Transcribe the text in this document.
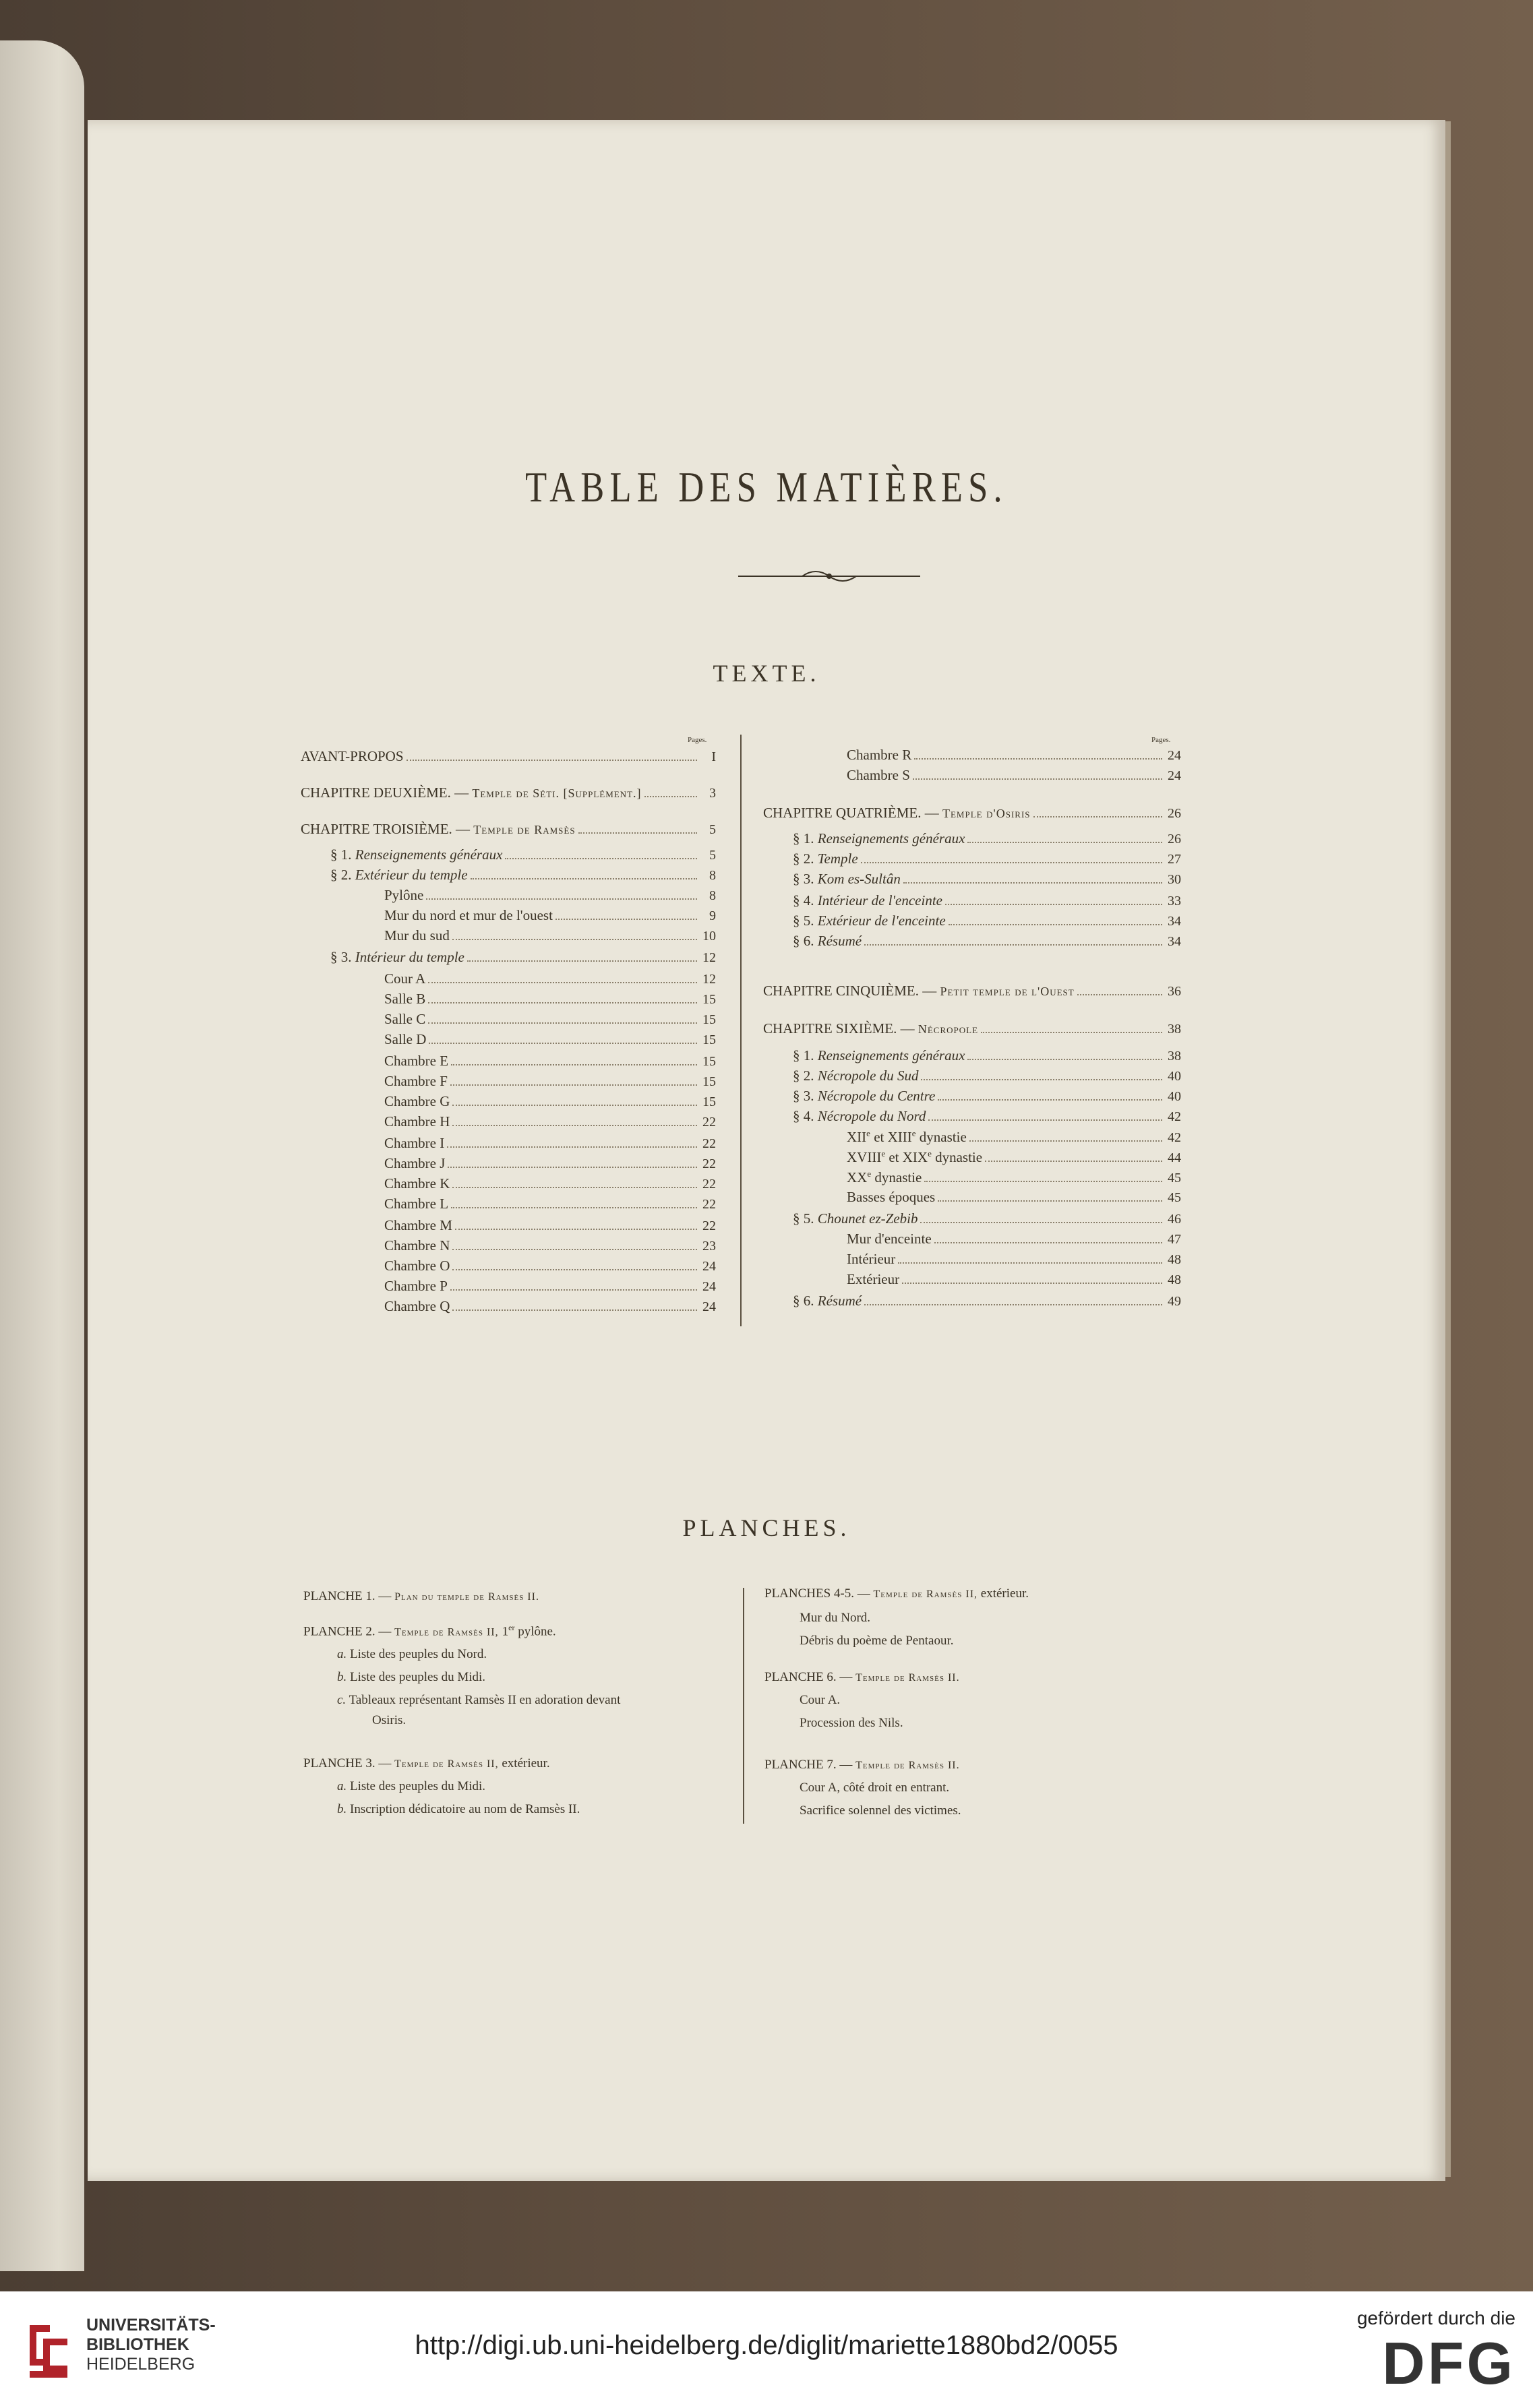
TABLE DES MATIÈRES.
TEXTE.
Pages.	Pages.
AVANT-PROPOS	I
CHAPITRE DEUXIÈME. — Temple de Séti. [Supplément.]	3
CHAPITRE TROISIÈME. — Temple de Ramsès	5
§ 1. Renseignements généraux	5
§ 2. Extérieur du temple	8
Pylône	8
Mur du nord et mur de l'ouest	9
Mur du sud	10
§ 3. Intérieur du temple	12
Cour A	12
Salle B	15
Salle C	15
Salle D	15
Chambre E	15
Chambre F	15
Chambre G	15
Chambre H	22
Chambre I	22
Chambre J	22
Chambre K	22
Chambre L	22
Chambre M	22
Chambre N	23
Chambre O	24
Chambre P	24
Chambre Q	24
Chambre R	24
Chambre S	24
CHAPITRE QUATRIÈME. — Temple d'Osiris	26
§ 1. Renseignements généraux	26
§ 2. Temple	27
§ 3. Kom es-Sultân	30
§ 4. Intérieur de l'enceinte	33
§ 5. Extérieur de l'enceinte	34
§ 6. Résumé	34
CHAPITRE CINQUIÈME. — Petit temple de l'Ouest	36
CHAPITRE SIXIÈME. — Nécropole	38
§ 1. Renseignements généraux	38
§ 2. Nécropole du Sud	40
§ 3. Nécropole du Centre	40
§ 4. Nécropole du Nord	42
XIIe et XIIIe dynastie	42
XVIIIe et XIXe dynastie	44
XXe dynastie	45
Basses époques	45
§ 5. Chounet ez-Zebib	46
Mur d'enceinte	47
Intérieur	48
Extérieur	48
§ 6. Résumé	49
PLANCHES.
PLANCHE 1. — Plan du temple de Ramsès II.
PLANCHE 2. — Temple de Ramsès II, 1er pylône.
a. Liste des peuples du Nord.
b. Liste des peuples du Midi.
c. Tableaux représentant Ramsès II en adoration devant
Osiris.
PLANCHE 3. — Temple de Ramsès II, extérieur.
a. Liste des peuples du Midi.
b. Inscription dédicatoire au nom de Ramsès II.
PLANCHES 4-5. — Temple de Ramsès II, extérieur.
Mur du Nord.
Débris du poème de Pentaour.
PLANCHE 6. — Temple de Ramsès II.
Cour A.
Procession des Nils.
PLANCHE 7. — Temple de Ramsès II.
Cour A, côté droit en entrant.
Sacrifice solennel des victimes.
UNIVERSITÄTS-
BIBLIOTHEK
HEIDELBERG
http://digi.ub.uni-heidelberg.de/diglit/mariette1880bd2/0055
gefördert durch die
DFG
